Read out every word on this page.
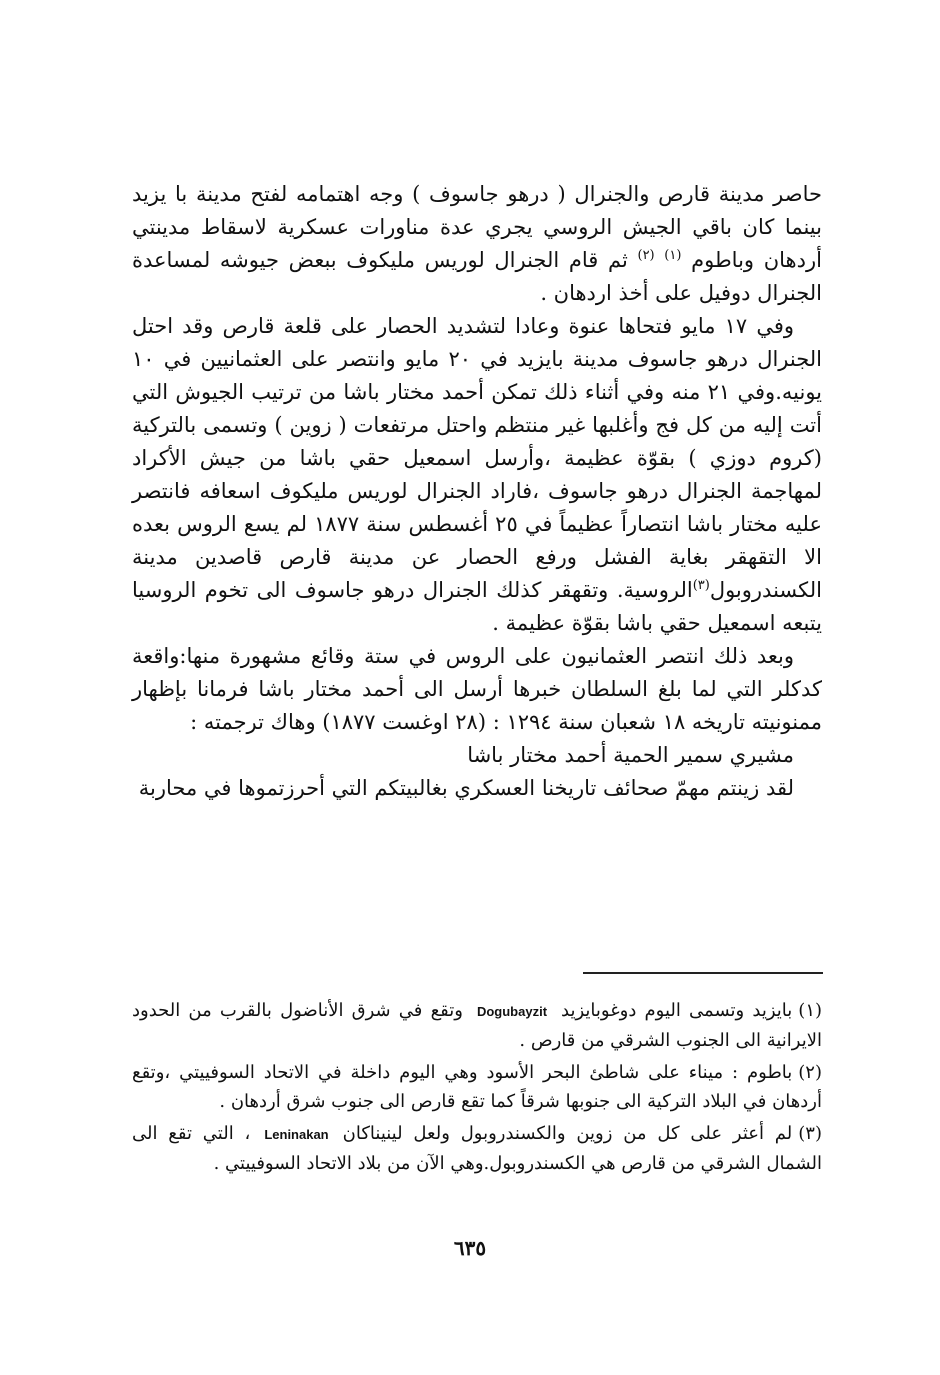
حاصر مدينة قارص والجنرال ( درهو جاسوف ) وجه اهتمامه لفتح مدينة با يزيد بينما كان باقي الجيش الروسي يجري عدة مناورات عسكرية لاسقاط مدينتي أردهان وباطوم $^{(١)}$ $^{(٢)}$ ثم قام الجنرال لوريس مليكوف ببعض جيوشه لمساعدة الجنرال دوفيل على أخذ اردهان .

وفي ١٧ مايو فتحاها عنوة وعادا لتشديد الحصار على قلعة قارص وقد احتل الجنرال درهو جاسوف مدينة بايزيد في ٢٠ مايو وانتصر على العثمانيين في ١٠ يونيه.وفي ٢١ منه وفي أثناء ذلك تمكن أحمد مختار باشا من ترتيب الجيوش التي أتت إليه من كل فج وأغلبها غير منتظم واحتل مرتفعات ( زوين ) وتسمى بالتركية (كروم دوزي ) بقوّة عظيمة ،وأرسل اسمعيل حقي باشا من جيش الأكراد لمهاجمة الجنرال درهو جاسوف ،فاراد الجنرال لوريس مليكوف اسعافه فانتصر عليه مختار باشا انتصاراً عظيماً في ٢٥ أغسطس سنة ١٨٧٧ لم يسع الروس بعده الا التقهقر بغاية الفشل ورفع الحصار عن مدينة قارص قاصدين مدينة الكسندروبول$^{(٣)}$الروسية. وتقهقر كذلك الجنرال درهو جاسوف الى تخوم الروسيا يتبعه اسمعيل حقي باشا بقوّة عظيمة .

وبعد ذلك انتصر العثمانيون على الروس في ستة وقائع مشهورة منها:واقعة كدكلر التي لما بلغ السلطان خبرها أرسل الى أحمد مختار باشا فرمانا بإظهار ممنونيته تاريخه ١٨ شعبان سنة ١٢٩٤ : (٢٨ اوغست ١٨٧٧) وهاك ترجمته :

مشيري سمير الحمية أحمد مختار باشا

لقد زينتم مهمّ صحائف تاريخنا العسكري بغالبيتكم التي أحرزتموها في محاربة

(١)بايزيد وتسمى اليوم دوغوبايزيدDogubayzitوتقع في شرق الأناضول بالقرب من الحدود الايرانية الى الجنوب الشرقي من قارص .

(٢)باطوم : ميناء على شاطئ البحر الأسود وهي اليوم داخلة في الاتحاد السوفييتي ،وتقع أردهان في البلاد التركية الى جنوبها شرقاً كما تقع قارص الى جنوب شرق أردهان .

(٣)لم أعثر على كل من زوين والكسندروبول ولعل لينيناكانLeninakan، التي تقع الى الشمال الشرقي من قارص هي الكسندروبول.وهي الآن من بلاد الاتحاد السوفييتي .

٦٣٥
